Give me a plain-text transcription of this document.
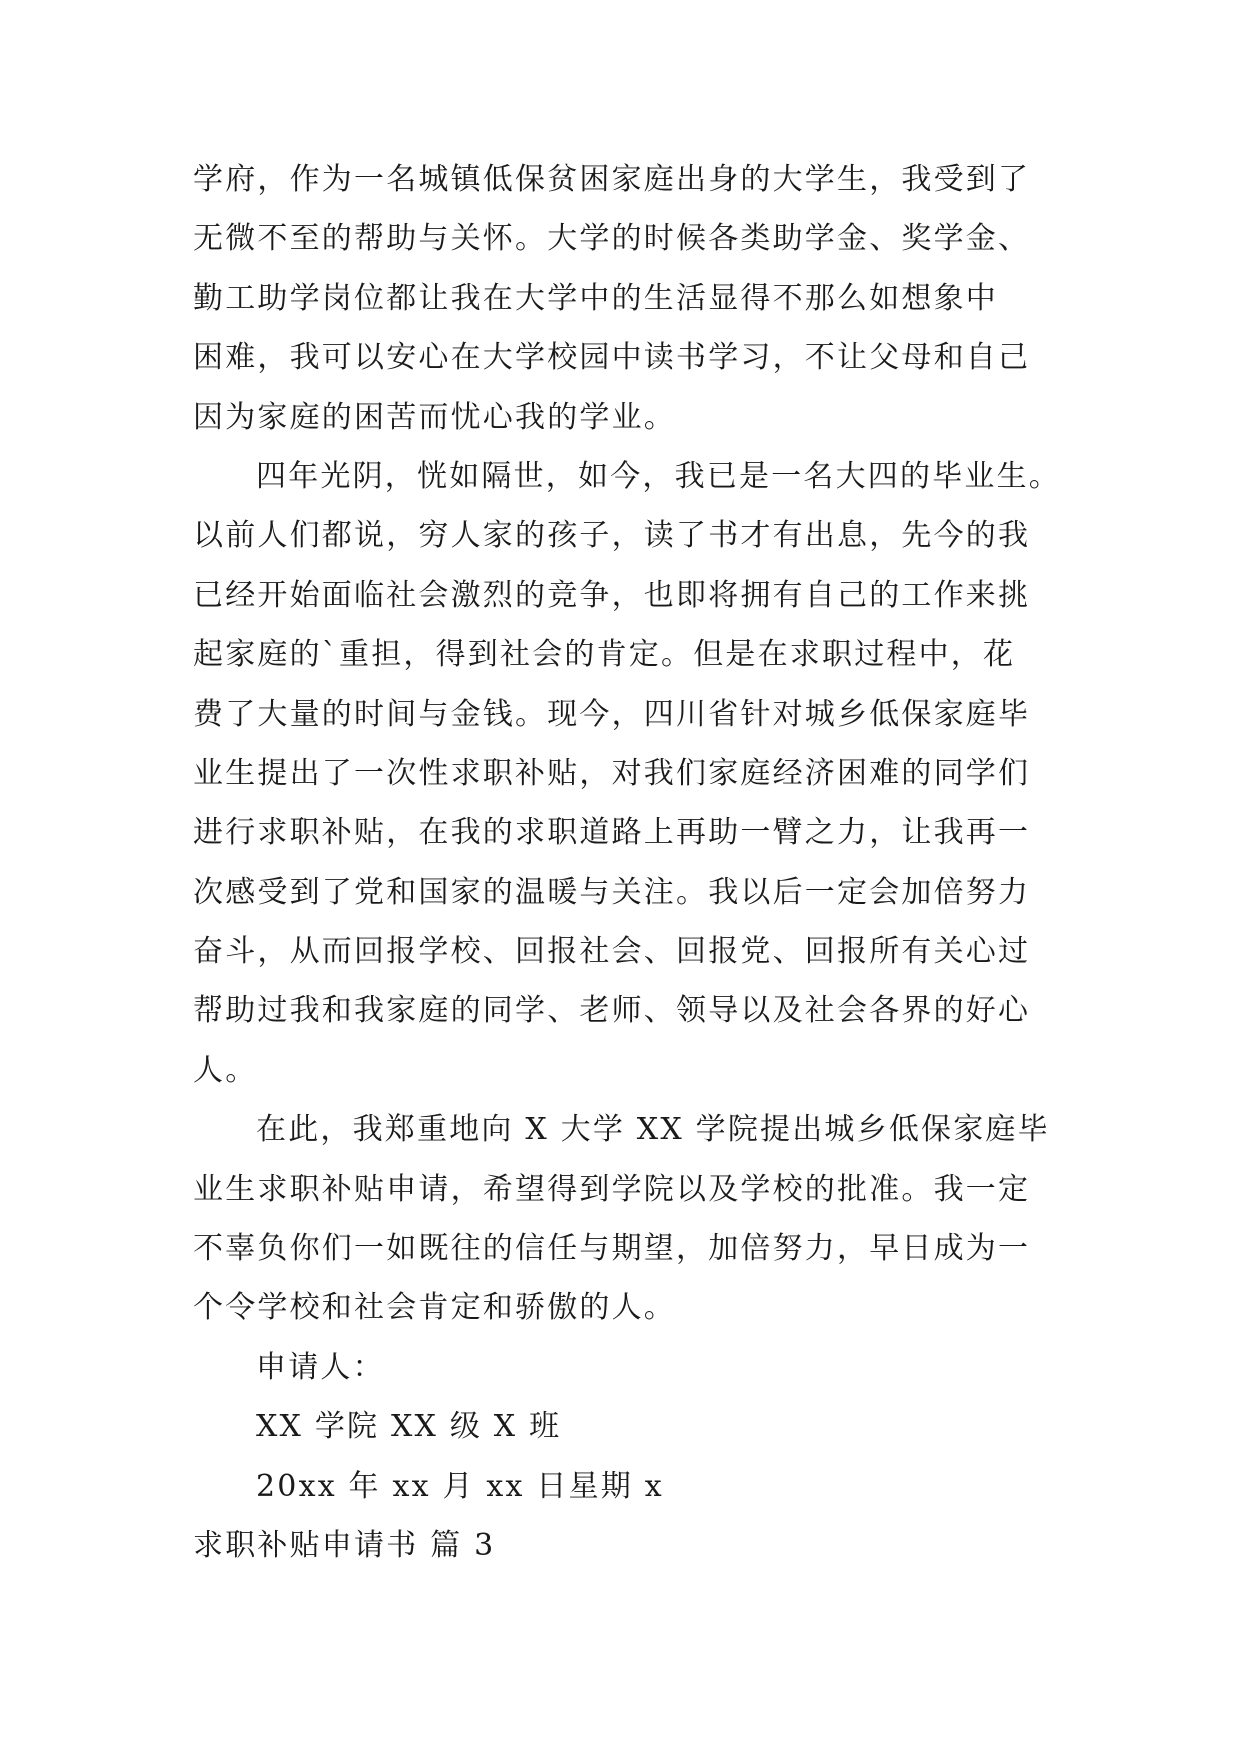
学府，作为一名城镇低保贫困家庭出身的大学生，我受到了
无微不至的帮助与关怀。大学的时候各类助学金、奖学金、
勤工助学岗位都让我在大学中的生活显得不那么如想象中
困难，我可以安心在大学校园中读书学习，不让父母和自己
因为家庭的困苦而忧心我的学业。
四年光阴，恍如隔世，如今，我已是一名大四的毕业生。
以前人们都说，穷人家的孩子，读了书才有出息，先今的我
已经开始面临社会激烈的竞争，也即将拥有自己的工作来挑
起家庭的`重担，得到社会的肯定。但是在求职过程中，花
费了大量的时间与金钱。现今，四川省针对城乡低保家庭毕
业生提出了一次性求职补贴，对我们家庭经济困难的同学们
进行求职补贴，在我的求职道路上再助一臂之力，让我再一
次感受到了党和国家的温暖与关注。我以后一定会加倍努力
奋斗，从而回报学校、回报社会、回报党、回报所有关心过
帮助过我和我家庭的同学、老师、领导以及社会各界的好心
人。
在此，我郑重地向 X 大学 XX 学院提出城乡低保家庭毕
业生求职补贴申请，希望得到学院以及学校的批准。我一定
不辜负你们一如既往的信任与期望，加倍努力，早日成为一
个令学校和社会肯定和骄傲的人。
申请人：
XX 学院 XX 级 X 班
20xx 年 xx 月 xx 日星期 x
求职补贴申请书 篇 3
